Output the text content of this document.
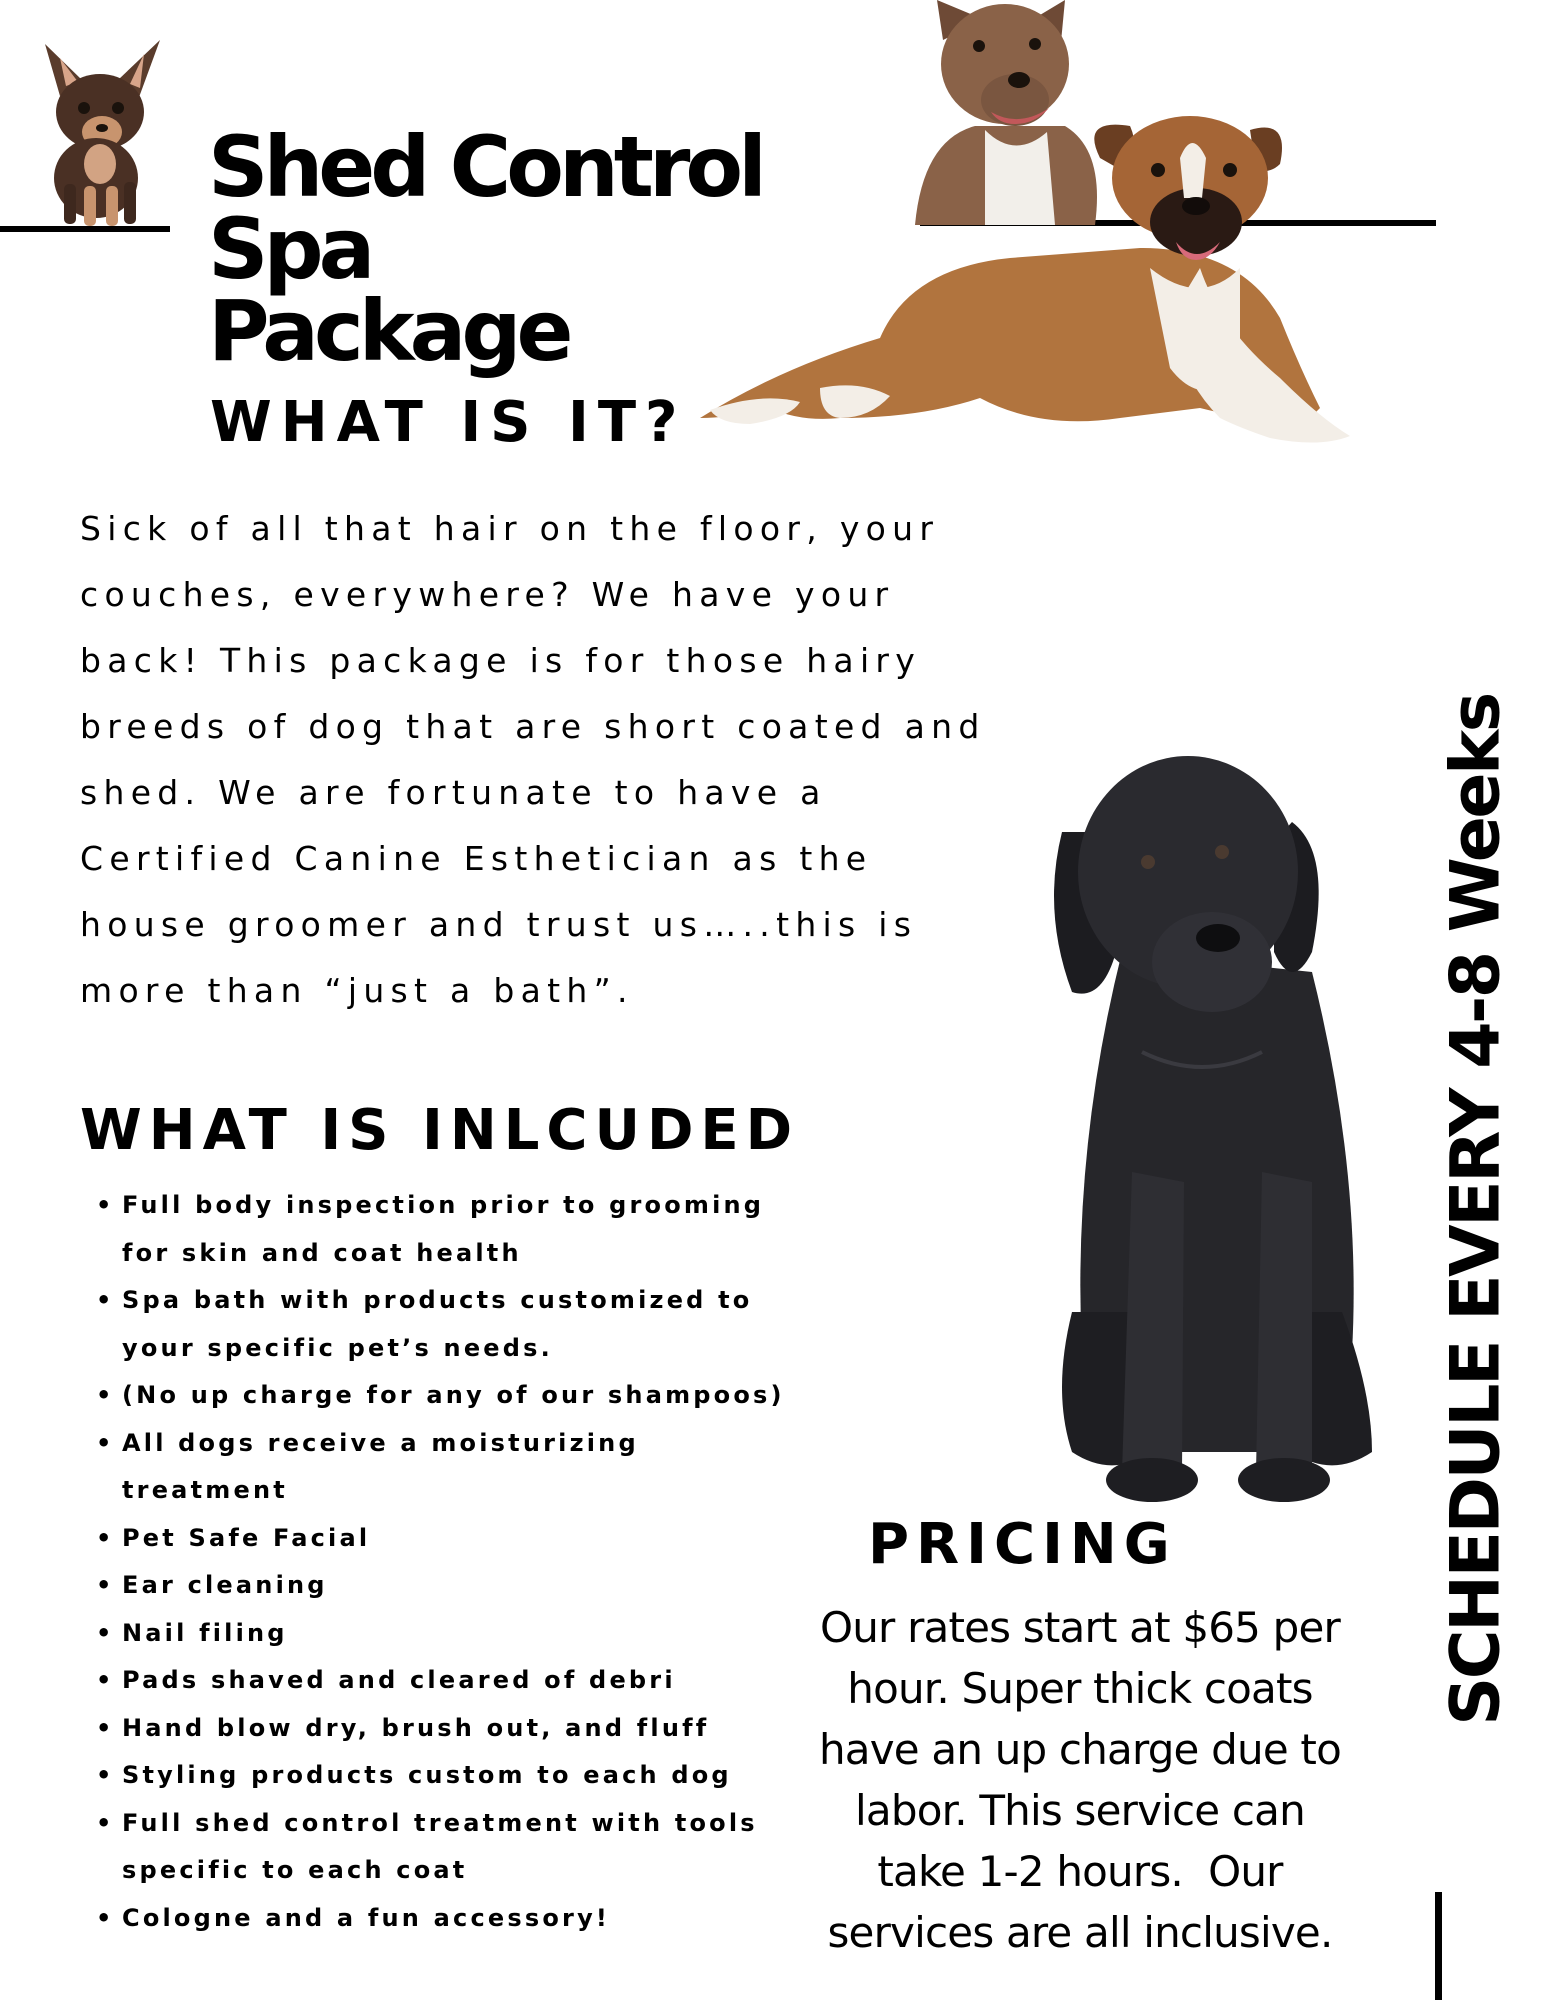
Shed Control Spa
Package
WHAT IS IT?

Sick of all that hair on the floor, your
couches, everywhere? We have your
back! This package is for those hairy
breeds of dog that are short coated and
shed. We are fortunate to have a
Certified Canine Esthetician as the
house groomer and trust us…..this is
more than “just a bath”.

WHAT IS INLCUDED
• Full body inspection prior to grooming
for skin and coat health
• Spa bath with products customized to
your specific pet’s needs.
• (No up charge for any of our shampoos)
• All dogs receive a moisturizing
treatment
• Pet Safe Facial
• Ear cleaning
• Nail filing
• Pads shaved and cleared of debri
• Hand blow dry, brush out, and fluff
• Styling products custom to each dog
• Full shed control treatment with tools
specific to each coat
• Cologne and a fun accessory!
PRICING

Our rates start at $65 per
hour. Super thick coats
have an up charge due to
labor. This service can
take 1-2 hours.  Our
services are all inclusive.

SCHEDULE EVERY 4-8 Weeks
